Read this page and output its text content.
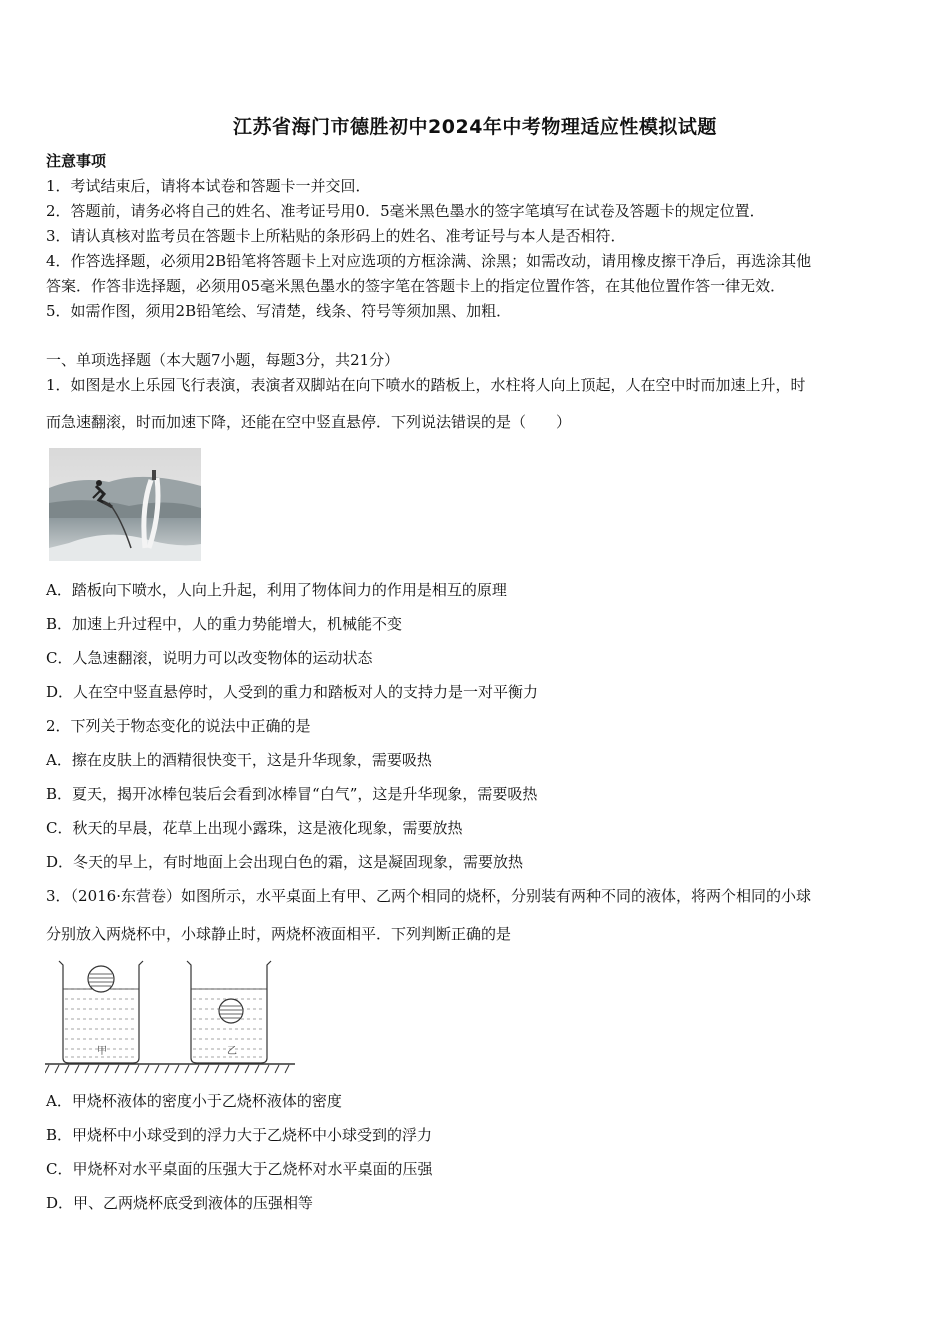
江苏省海门市德胜初中2024年中考物理适应性模拟试题
注意事项
1．考试结束后，请将本试卷和答题卡一并交回．
2．答题前，请务必将自己的姓名、准考证号用0．5毫米黑色墨水的签字笔填写在试卷及答题卡的规定位置．
3．请认真核对监考员在答题卡上所粘贴的条形码上的姓名、准考证号与本人是否相符．
4．作答选择题，必须用2B铅笔将答题卡上对应选项的方框涂满、涂黑；如需改动，请用橡皮擦干净后，再选涂其他
答案．作答非选择题，必须用05毫米黑色墨水的签字笔在答题卡上的指定位置作答，在其他位置作答一律无效．
5．如需作图，须用2B铅笔绘、写清楚，线条、符号等须加黑、加粗．
一、单项选择题（本大题7小题，每题3分，共21分）
1．如图是水上乐园飞行表演，表演者双脚站在向下喷水的踏板上，水柱将人向上顶起，人在空中时而加速上升，时
而急速翻滚，时而加速下降，还能在空中竖直悬停．下列说法错误的是（　　）
A．踏板向下喷水，人向上升起，利用了物体间力的作用是相互的原理
B．加速上升过程中，人的重力势能增大，机械能不变
C．人急速翻滚，说明力可以改变物体的运动状态
D．人在空中竖直悬停时，人受到的重力和踏板对人的支持力是一对平衡力
2．下列关于物态变化的说法中正确的是
A．擦在皮肤上的酒精很快变干，这是升华现象，需要吸热
B．夏天，揭开冰棒包装后会看到冰棒冒“白气”，这是升华现象，需要吸热
C．秋天的早晨，花草上出现小露珠，这是液化现象，需要放热
D．冬天的早上，有时地面上会出现白色的霜，这是凝固现象，需要放热
3．（2016·东营卷）如图所示，水平桌面上有甲、乙两个相同的烧杯，分别装有两种不同的液体，将两个相同的小球
分别放入两烧杯中，小球静止时，两烧杯液面相平．下列判断正确的是
甲	乙
A．甲烧杯液体的密度小于乙烧杯液体的密度
B．甲烧杯中小球受到的浮力大于乙烧杯中小球受到的浮力
C．甲烧杯对水平桌面的压强大于乙烧杯对水平桌面的压强
D．甲、乙两烧杯底受到液体的压强相等
